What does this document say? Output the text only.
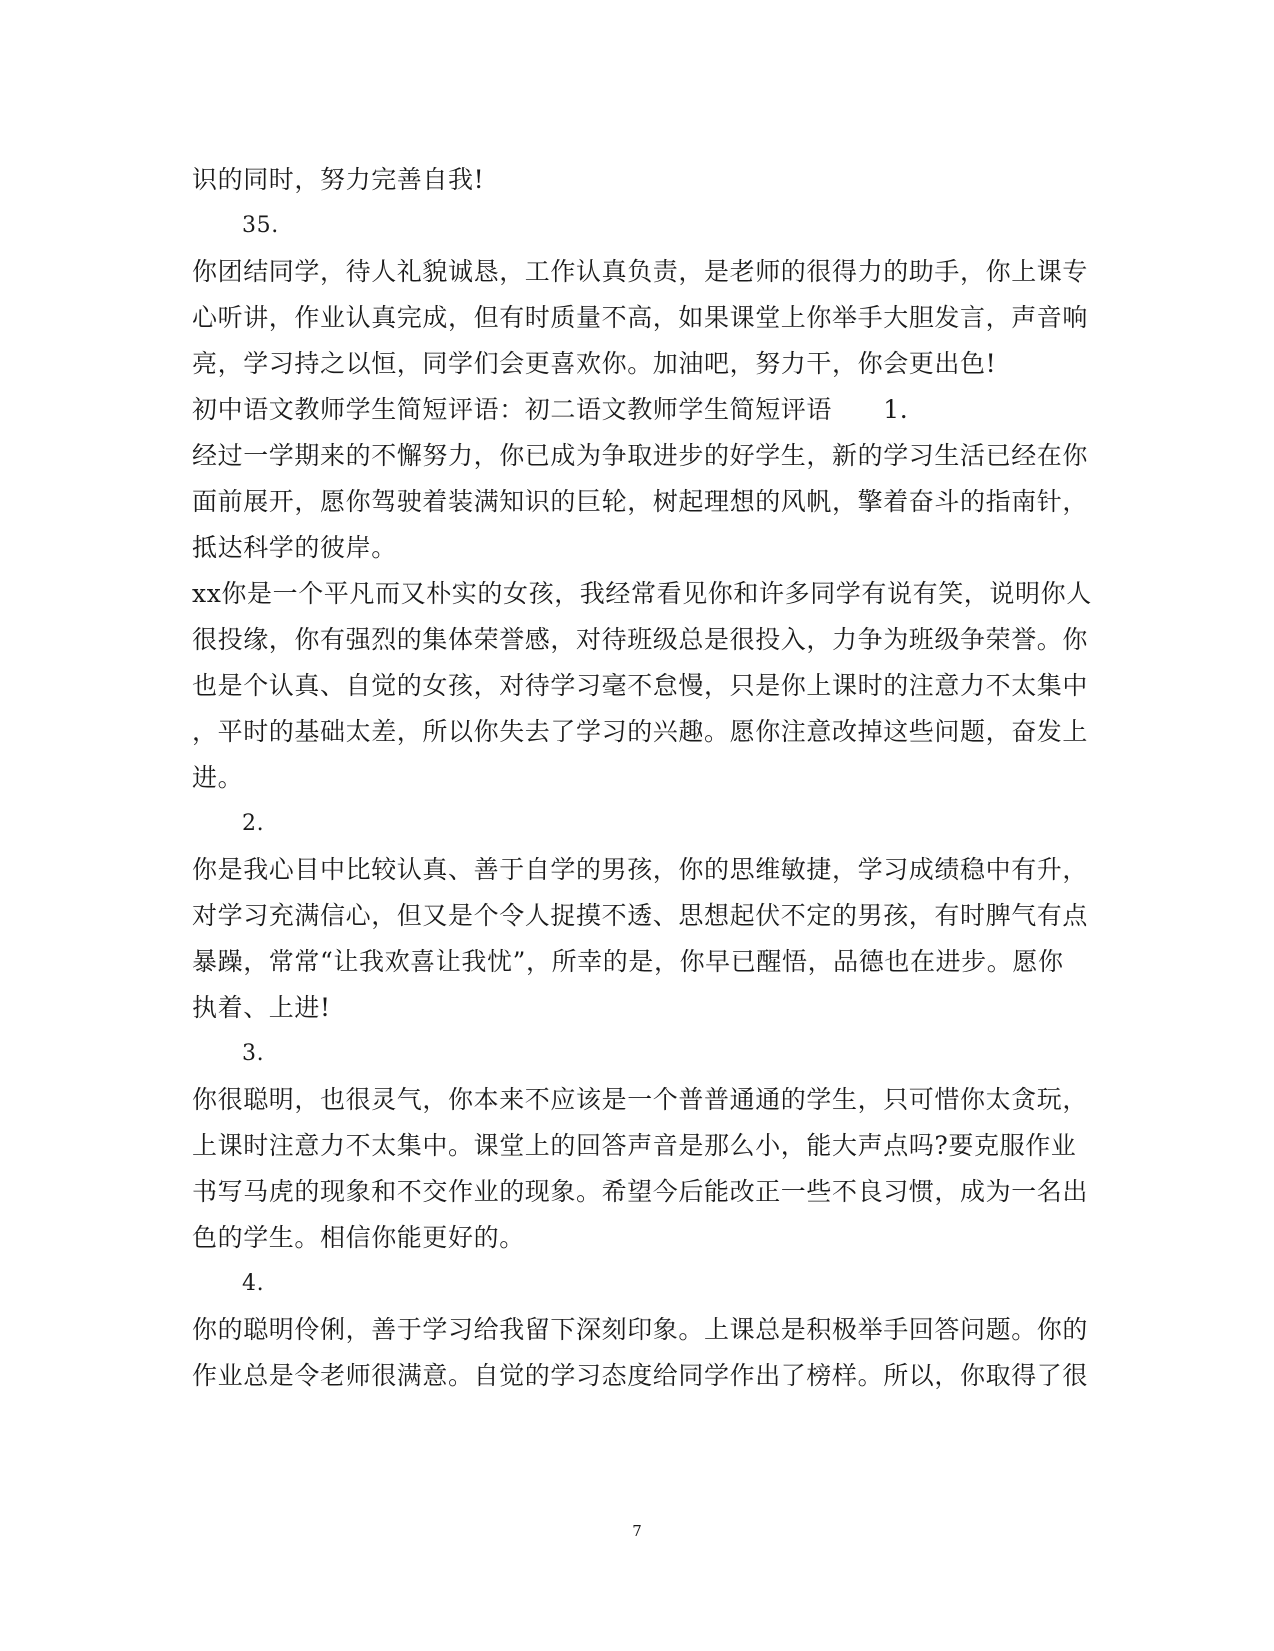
识的同时，努力完善自我!
35.
你团结同学，待人礼貌诚恳，工作认真负责，是老师的很得力的助手，你上课专
心听讲，作业认真完成，但有时质量不高，如果课堂上你举手大胆发言，声音响
亮，学习持之以恒，同学们会更喜欢你。加油吧，努力干，你会更出色!
初中语文教师学生简短评语：初二语文教师学生简短评语　　1.
经过一学期来的不懈努力，你已成为争取进步的好学生，新的学习生活已经在你
面前展开，愿你驾驶着装满知识的巨轮，树起理想的风帆，擎着奋斗的指南针，
抵达科学的彼岸。
xx你是一个平凡而又朴实的女孩，我经常看见你和许多同学有说有笑，说明你人
很投缘，你有强烈的集体荣誉感，对待班级总是很投入，力争为班级争荣誉。你
也是个认真、自觉的女孩，对待学习毫不怠慢，只是你上课时的注意力不太集中
，平时的基础太差，所以你失去了学习的兴趣。愿你注意改掉这些问题，奋发上
进。
2.
你是我心目中比较认真、善于自学的男孩，你的思维敏捷，学习成绩稳中有升，
对学习充满信心，但又是个令人捉摸不透、思想起伏不定的男孩，有时脾气有点
暴躁，常常“让我欢喜让我忧”，所幸的是，你早已醒悟，品德也在进步。愿你
执着、上进!
3.
你很聪明，也很灵气，你本来不应该是一个普普通通的学生，只可惜你太贪玩，
上课时注意力不太集中。课堂上的回答声音是那么小，能大声点吗?要克服作业
书写马虎的现象和不交作业的现象。希望今后能改正一些不良习惯，成为一名出
色的学生。相信你能更好的。
4.
你的聪明伶俐，善于学习给我留下深刻印象。上课总是积极举手回答问题。你的
作业总是令老师很满意。自觉的学习态度给同学作出了榜样。所以，你取得了很
7
